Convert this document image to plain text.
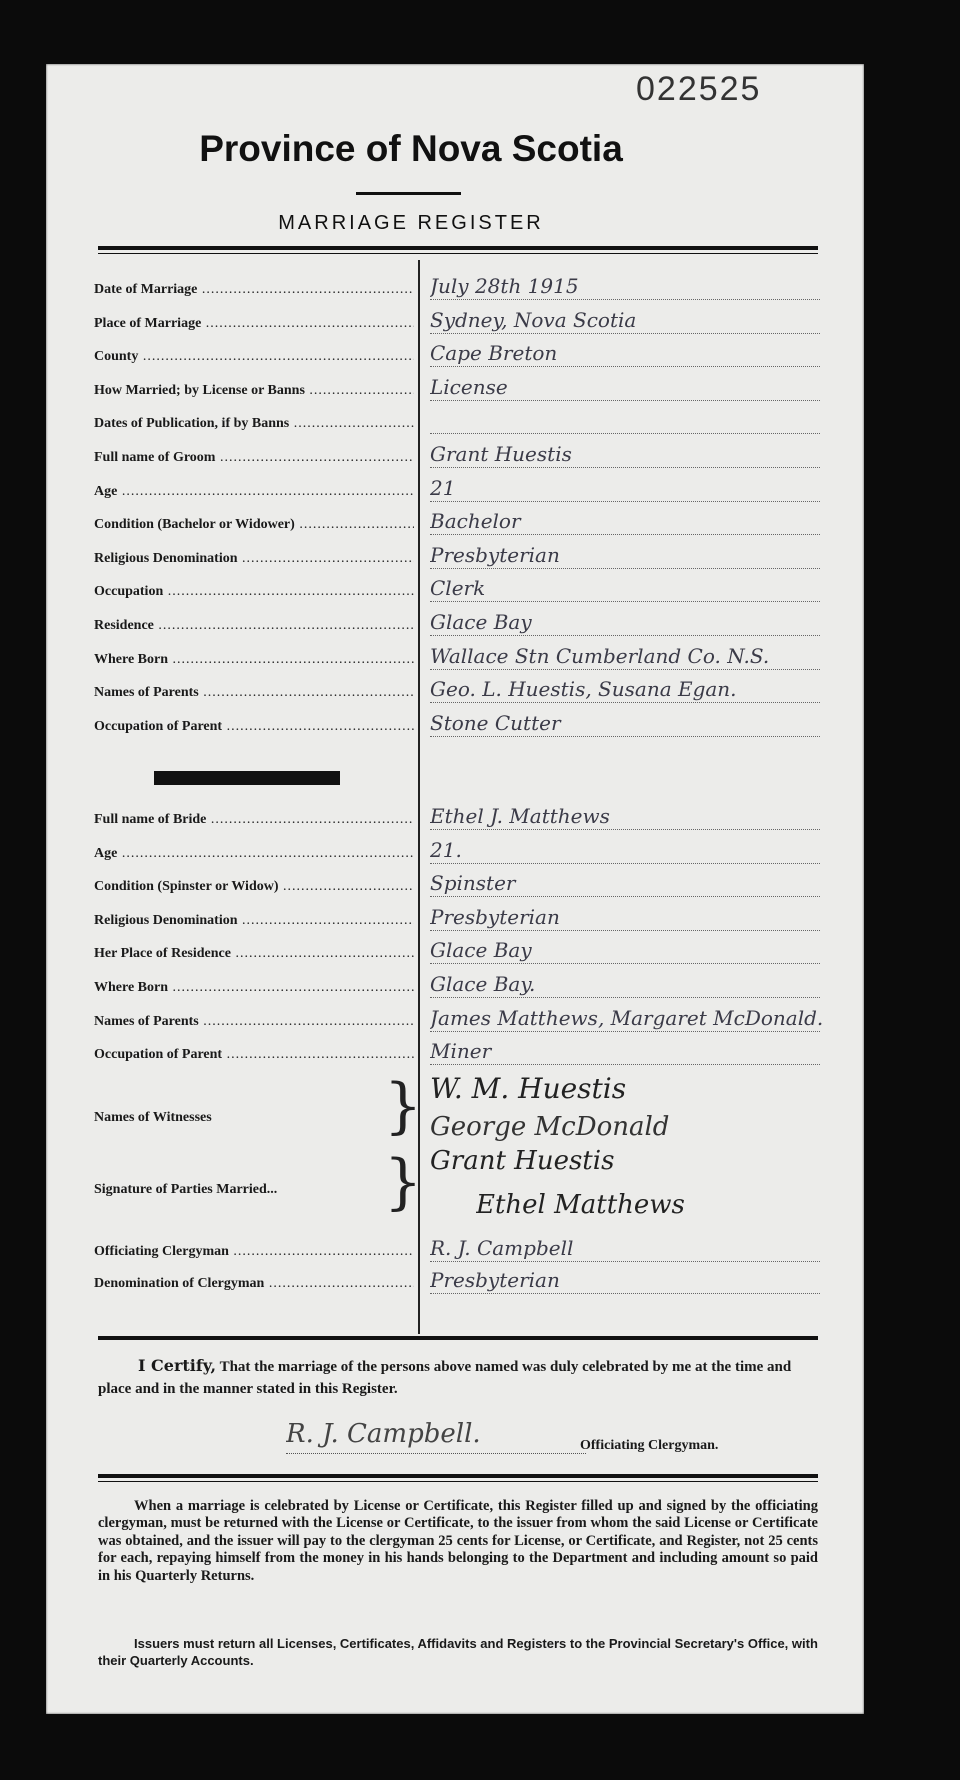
022525
Province of Nova Scotia
MARRIAGE REGISTER
Date of Marriage .....	July 28th 1915
Place of Marriage .....	Sydney, Nova Scotia
County .....	Cape Breton
How Married; by License or Banns .....	License
Dates of Publication, if by Banns .....
Full name of Groom .....	Grant Huestis
Age .....	21
Condition (Bachelor or Widower) .....	Bachelor
Religious Denomination .....	Presbyterian
Occupation .....	Clerk
Residence .....	Glace Bay
Where Born .....	Wallace Stn Cumberland Co. N.S.
Names of Parents .....	Geo. L. Huestis, Susana Egan.
Occupation of Parent .....	Stone Cutter
Full name of Bride .....	Ethel J. Matthews
Age .....	21.
Condition (Spinster or Widow) .....	Spinster
Religious Denomination .....	Presbyterian
Her Place of Residence .....	Glace Bay
Where Born .....	Glace Bay.
Names of Parents .....	James Matthews, Margaret McDonald.
Occupation of Parent .....	Miner
Names of Witnesses	} W. M. Huestis
George McDonald
Signature of Parties Married...	} Grant Huestis
Ethel Matthews
Officiating Clergyman .....	R. J. Campbell
Denomination of Clergyman .....	Presbyterian
I Certify, That the marriage of the persons above named was duly celebrated by me at the time and place and in the manner stated in this Register.
R. J. Campbell.	Officiating Clergyman.
When a marriage is celebrated by License or Certificate, this Register filled up and signed by the officiating clergyman, must be returned with the License or Certificate, to the issuer from whom the said License or Certificate was obtained, and the issuer will pay to the clergyman 25 cents for License, or Certificate, and Register, not 25 cents for each, repaying himself from the money in his hands belonging to the Department and including amount so paid in his Quarterly Returns.
Issuers must return all Licenses, Certificates, Affidavits and Registers to the Provincial Secretary's Office, with their Quarterly Accounts.
